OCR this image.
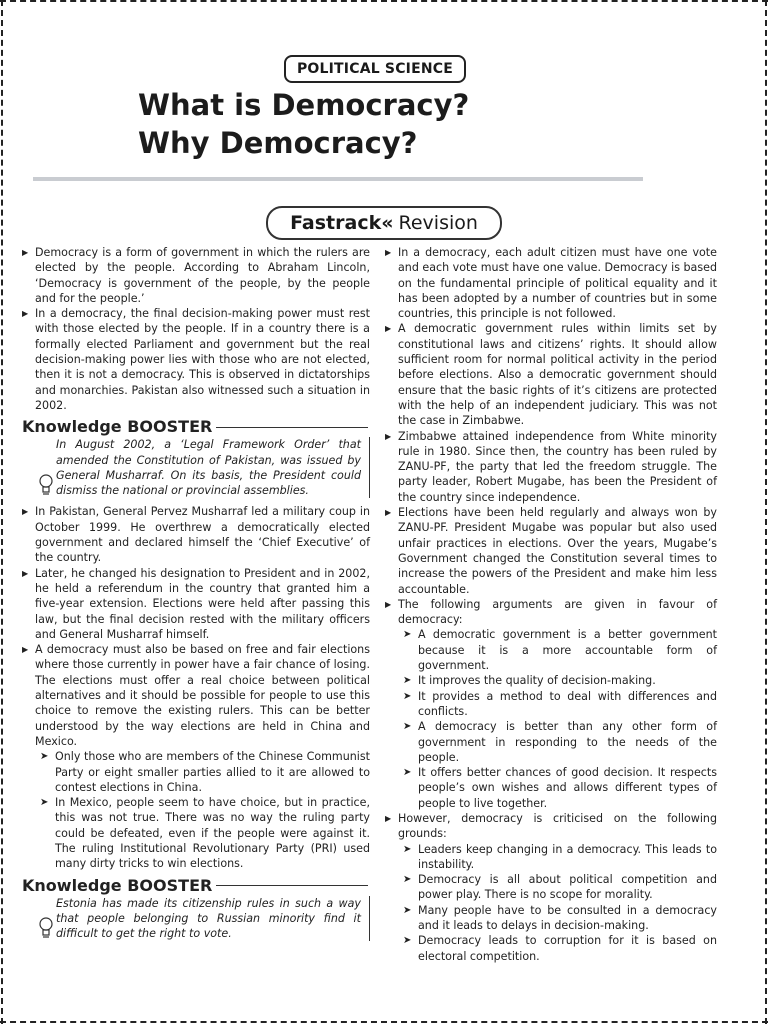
POLITICAL SCIENCE
What is Democracy?
Why Democracy?
Fastrack« Revision

▶ Democracy is a form of government in which the rulers are elected by the people. According to Abraham Lincoln, ‘Democracy is government of the people, by the people and for the people.’

▶ In a democracy, the final decision-making power must rest with those elected by the people. If in a country there is a formally elected Parliament and government but the real decision-making power lies with those who are not elected, then it is not a democracy. This is observed in dictatorships and monarchies. Pakistan also witnessed such a situation in 2002.

Knowledge BOOSTER
In August 2002, a ‘Legal Framework Order’ that amended the Constitution of Pakistan, was issued by General Musharraf. On its basis, the President could dismiss the national or provincial assemblies.

▶ In Pakistan, General Pervez Musharraf led a military coup in October 1999. He overthrew a democratically elected government and declared himself the ‘Chief Executive’ of the country.

▶ Later, he changed his designation to President and in 2002, he held a referendum in the country that granted him a five-year extension. Elections were held after passing this law, but the final decision rested with the military officers and General Musharraf himself.

▶ A democracy must also be based on free and fair elections where those currently in power have a fair chance of losing. The elections must offer a real choice between political alternatives and it should be possible for people to use this choice to remove the existing rulers. This can be better understood by the way elections are held in China and Mexico.

➤ Only those who are members of the Chinese Communist Party or eight smaller parties allied to it are allowed to contest elections in China.

➤ In Mexico, people seem to have choice, but in practice, this was not true. There was no way the ruling party could be defeated, even if the people were against it. The ruling Institutional Revolutionary Party (PRI) used many dirty tricks to win elections.

Knowledge BOOSTER
Estonia has made its citizenship rules in such a way that people belonging to Russian minority find it difficult to get the right to vote.

▶ In a democracy, each adult citizen must have one vote and each vote must have one value. Democracy is based on the fundamental principle of political equality and it has been adopted by a number of countries but in some countries, this principle is not followed.

▶ A democratic government rules within limits set by constitutional laws and citizens’ rights. It should allow sufficient room for normal political activity in the period before elections. Also a democratic government should ensure that the basic rights of it’s citizens are protected with the help of an independent judiciary. This was not the case in Zimbabwe.

▶ Zimbabwe attained independence from White minority rule in 1980. Since then, the country has been ruled by ZANU-PF, the party that led the freedom struggle. The party leader, Robert Mugabe, has been the President of the country since independence.

▶ Elections have been held regularly and always won by ZANU-PF. President Mugabe was popular but also used unfair practices in elections. Over the years, Mugabe’s Government changed the Constitution several times to increase the powers of the President and make him less accountable.

▶ The following arguments are given in favour of democracy:

➤ A democratic government is a better government because it is a more accountable form of government.

➤ It improves the quality of decision-making.

➤ It provides a method to deal with differences and conflicts.

➤ A democracy is better than any other form of government in responding to the needs of the people.

➤ It offers better chances of good decision. It respects people’s own wishes and allows different types of people to live together.

▶ However, democracy is criticised on the following grounds:

➤ Leaders keep changing in a democracy. This leads to instability.

➤ Democracy is all about political competition and power play. There is no scope for morality.

➤ Many people have to be consulted in a democracy and it leads to delays in decision-making.

➤ Democracy leads to corruption for it is based on electoral competition.
